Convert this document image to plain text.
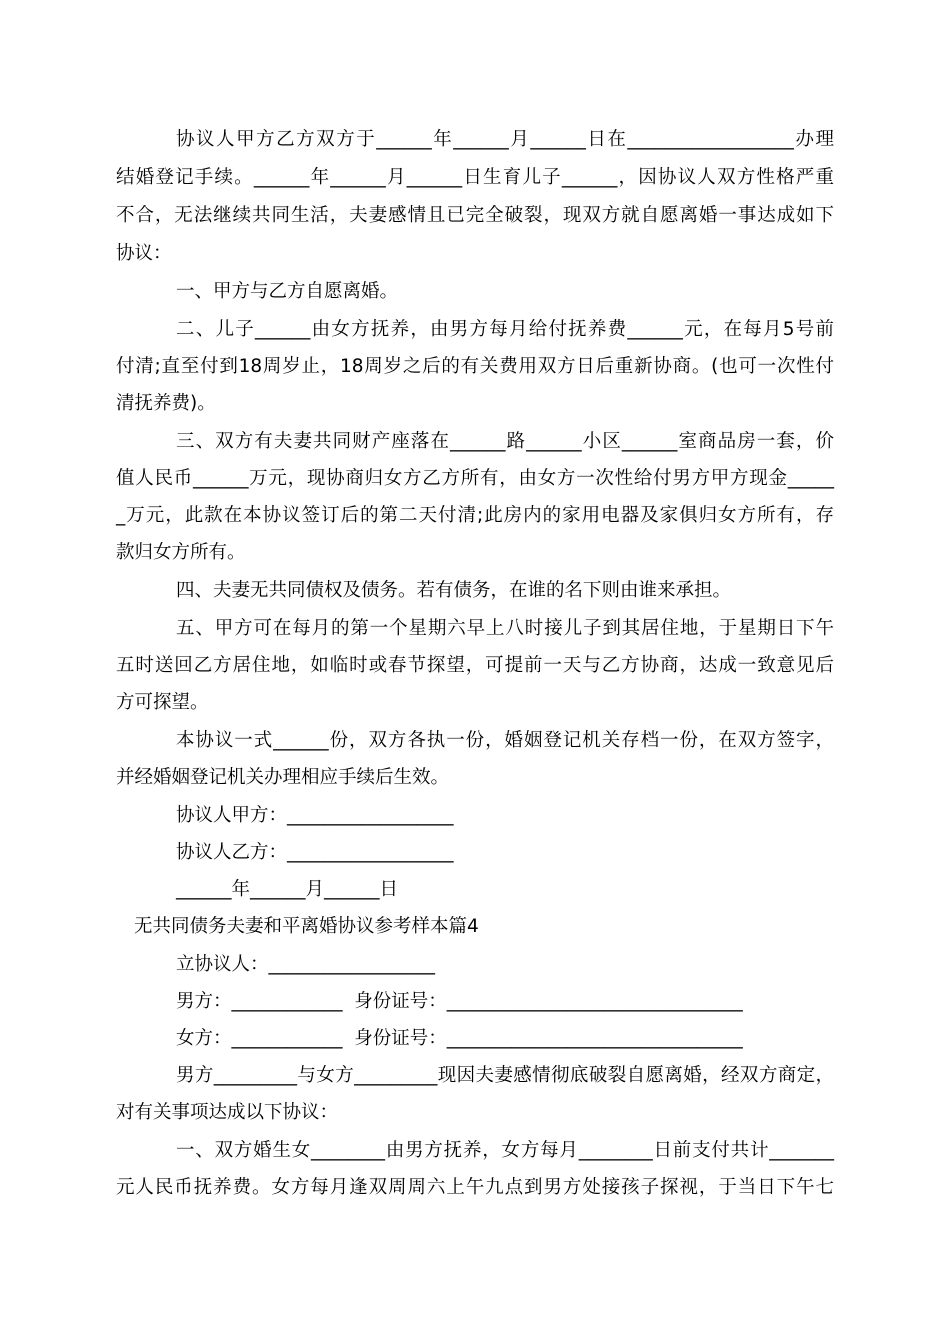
协议人甲方乙方双方于______年______月______日在__________________办理

结婚登记手续。______年______月______日生育儿子______，因协议人双方性格严重

不合，无法继续共同生活，夫妻感情且已完全破裂，现双方就自愿离婚一事达成如下

协议：

一、甲方与乙方自愿离婚。

二、儿子______由女方抚养，由男方每月给付抚养费______元，在每月5号前

付清;直至付到18周岁止，18周岁之后的有关费用双方日后重新协商。(也可一次性付

清抚养费)。

三、双方有夫妻共同财产座落在______路______小区______室商品房一套，价

值人民币______万元，现协商归女方乙方所有，由女方一次性给付男方甲方现金_____

_万元，此款在本协议签订后的第二天付清;此房内的家用电器及家俱归女方所有，存

款归女方所有。

四、夫妻无共同债权及债务。若有债务，在谁的名下则由谁来承担。

五、甲方可在每月的第一个星期六早上八时接儿子到其居住地，于星期日下午

五时送回乙方居住地，如临时或春节探望，可提前一天与乙方协商，达成一致意见后

方可探望。

本协议一式______份，双方各执一份，婚姻登记机关存档一份，在双方签字，

并经婚姻登记机关办理相应手续后生效。

协议人甲方：__________________

协议人乙方：__________________

______年______月______日

无共同债务夫妻和平离婚协议参考样本篇4

立协议人：__________________

男方：____________  身份证号：________________________________

女方：____________  身份证号：________________________________

男方_________与女方_________现因夫妻感情彻底破裂自愿离婚，经双方商定，

对有关事项达成以下协议：

一、双方婚生女________由男方抚养，女方每月________日前支付共计_______

元人民币抚养费。女方每月逢双周周六上午九点到男方处接孩子探视，于当日下午七
